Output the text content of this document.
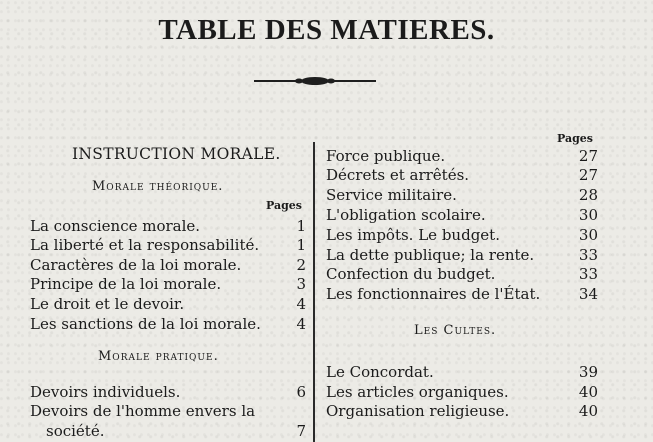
TABLE DES MATIERES.
INSTRUCTION MORALE.
Morale théorique.
Pages
La conscience morale.	1
La liberté et la responsabilité.	1
Caractères de la loi morale.	2
Principe de la loi morale.	3
Le droit et le devoir.	4
Les sanctions de la loi morale.	4
Morale pratique.
Devoirs individuels.	6
Devoirs de l'homme envers la
société.	7
Pages
Force publique.	27
Décrets et arrêtés.	27
Service militaire.	28
L'obligation scolaire.	30
Les impôts. Le budget.	30
La dette publique; la rente.	33
Confection du budget.	33
Les fonctionnaires de l'État.	34
Les Cultes.
Le Concordat.	39
Les articles organiques.	40
Organisation religieuse.	40
